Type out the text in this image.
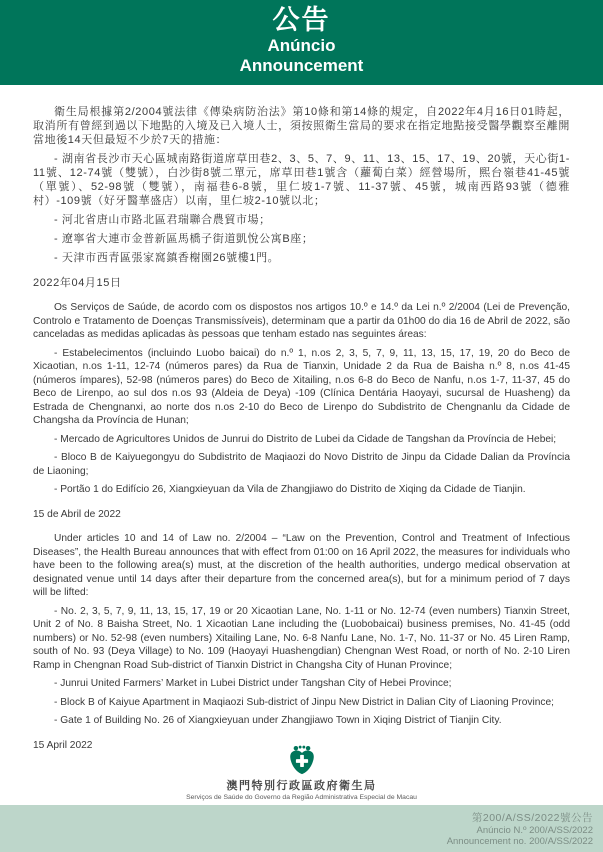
公告
Anúncio
Announcement

衛生局根據第2/2004號法律《傳染病防治法》第10條和第14條的規定，自2022年4月16日01時起，取消所有曾經到過以下地點的入境及已入境人士，須按照衛生當局的要求在指定地點接受醫學觀察至離開當地後14天但最短不少於7天的措施：

- 湖南省長沙市天心區城南路街道席草田巷2、3、5、7、9、11、13、15、17、19、20號，天心街1-11號、12-74號（雙號），白沙街8號二單元，席草田巷1號含（蘿蔔白菜）經營場所，熙台嶺巷41-45號（單號）、52-98號（雙號），南福巷6-8號，里仁坡1-7號、11-37號、45號，城南西路93號（德雅村）-109號（好牙醫華盛店）以南，里仁坡2-10號以北；

- 河北省唐山市路北區君瑞聯合農貿市場；

- 遼寧省大連市金普新區馬橋子街道凱悅公寓B座；

- 天津市西青區張家窩鎮香榭園26號樓1門。

2022年04月15日

Os Serviços de Saúde, de acordo com os dispostos nos artigos 10.º e 14.º da Lei n.º 2/2004 (Lei de Prevenção, Controlo e Tratamento de Doenças Transmissíveis), determinam que a partir da 01h00 do dia 16 de Abril de 2022, são canceladas as medidas aplicadas às pessoas que tenham estado nas seguintes áreas:

- Estabelecimentos (incluindo Luobo baicai) do n.º 1, n.os 2, 3, 5, 7, 9, 11, 13, 15, 17, 19, 20 do Beco de Xicaotian, n.os 1-11, 12-74 (números pares) da Rua de Tianxin, Unidade 2 da Rua de Baisha n.º 8, n.os 41-45 (números ímpares), 52-98 (números pares) do Beco de Xitailing, n.os 6-8 do Beco de Nanfu, n.os 1-7, 11-37, 45 do Beco de Lirenpo, ao sul dos n.os 93 (Aldeia de Deya) -109 (Clínica Dentária Haoyayi, sucursal de Huasheng) da Estrada de Chengnanxi, ao norte dos n.os 2-10 do Beco de Lirenpo do Subdistrito de Chengnanlu da Cidade de Changsha da Província de Hunan;

- Mercado de Agricultores Unidos de Junrui do Distrito de Lubei da Cidade de Tangshan da Província de Hebei;

- Bloco B de Kaiyuegongyu do Subdistrito de Maqiaozi do Novo Distrito de Jinpu da Cidade Dalian da Província de Liaoning;

- Portão 1 do Edifício 26, Xiangxieyuan da Vila de Zhangjiawo do Distrito de Xiqing da Cidade de Tianjin.

15 de Abril de 2022

Under articles 10 and 14 of Law no. 2/2004 – “Law on the Prevention, Control and Treatment of Infectious Diseases”, the Health Bureau announces that with effect from 01:00 on 16 April 2022, the measures for individuals who have been to the following area(s) must, at the discretion of the health authorities, undergo medical observation at designated venue until 14 days after their departure from the concerned area(s), but for a minimum period of 7 days will be lifted:

- No. 2, 3, 5, 7, 9, 11, 13, 15, 17, 19 or 20 Xicaotian Lane, No. 1-11 or No. 12-74 (even numbers) Tianxin Street, Unit 2 of No. 8 Baisha Street, No. 1 Xicaotian Lane including the (Luobobaicai) business premises, No. 41-45 (odd numbers) or No. 52-98 (even numbers) Xitailing Lane, No. 6-8 Nanfu Lane, No. 1-7, No. 11-37 or No. 45 Liren Ramp, south of No. 93 (Deya Village) to No. 109 (Haoyayi Huashengdian) Chengnan West Road, or north of No. 2-10 Liren Ramp in Chengnan Road Sub-district of Tianxin District in Changsha City of Hunan Province;

- Junrui United Farmers’ Market in Lubei District under Tangshan City of Hebei Province;

- Block B of Kaiyue Apartment in Maqiaozi Sub-district of Jinpu New District in Dalian City of Liaoning Province;

- Gate 1 of Building No. 26 of Xiangxieyuan under Zhangjiawo Town in Xiqing District of Tianjin City.

15 April 2022

澳門特別行政區政府衛生局
Serviços de Saúde do Governo da Região Administrativa Especial de Macau
第200/A/SS/2022號公告
Anúncio N.º 200/A/SS/2022
Announcement no. 200/A/SS/2022
